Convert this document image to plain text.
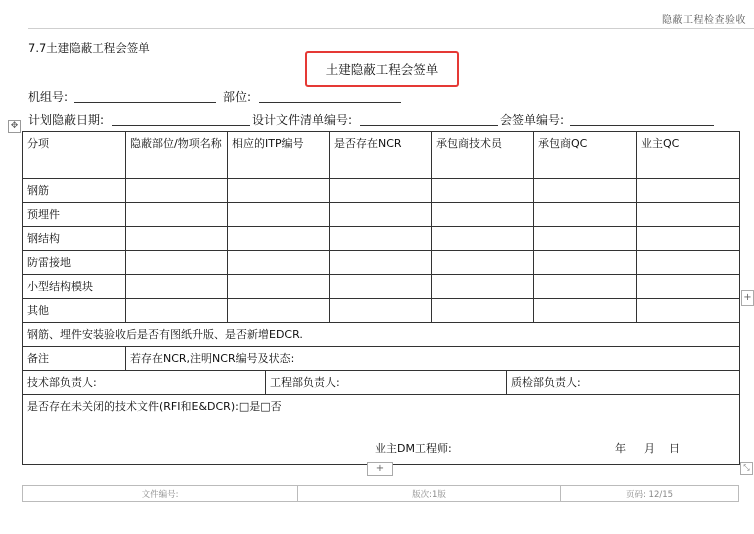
隐蔽工程检查验收
7.7土建隐蔽工程会签单
土建隐蔽工程会签单
机组号:	部位:
计划隐蔽日期:	设计文件清单编号:	会签单编号:
✥
分项	隐蔽部位/物项名称	相应的ITP编号	是否存在NCR	承包商技术员	承包商QC	业主QC
钢筋						
预埋件						
钢结构						
防雷接地						
小型结构模块						
其他						
钢筋、埋件安装验收后是否有图纸升版、是否新增EDCR.						
备注	若存在NCR,注明NCR编号及状态:					

技术部负责人: 工程部负责人: 质检部负责人:						

是否存在未关闭的技术文件(RFI和E&DCR):□是□否
业主DM工程师: 年 月 日						
+
+	⤡
文件编号:	版次:1版	页码: 12/15
